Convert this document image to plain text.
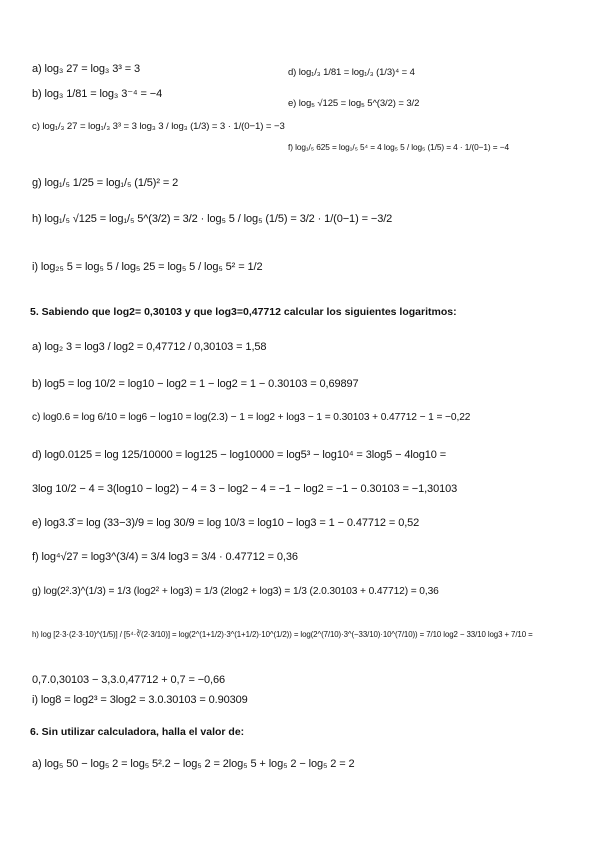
a) log₃ 27 = log₃ 3³ = 3	d) log₁/₃ 1/81 = log₁/₃ (1/3)⁴ = 4
b) log₃ 1/81 = log₃ 3⁻⁴ = −4
e) log₅ √125 = log₅ 5^(3/2) = 3/2
c) log₁/₃ 27 = log₁/₃ 3³ = 3 log₃ 3 / log₃ (1/3) = 3 · 1/(0−1) = −3
f) log₁/₅ 625 = log₁/₅ 5⁴ = 4 log₅ 5 / log₅ (1/5) = 4 · 1/(0−1) = −4
g) log₁/₅ 1/25 = log₁/₅ (1/5)² = 2
h) log₁/₅ √125 = log₁/₅ 5^(3/2) = 3/2 · log₅ 5 / log₅ (1/5) = 3/2 · 1/(0−1) = −3/2
i) log₂₅ 5 = log₅ 5 / log₅ 25 = log₅ 5 / log₅ 5² = 1/2
5. Sabiendo que log2= 0,30103 y que log3=0,47712 calcular los siguientes logaritmos:
a) log₂ 3 = log3 / log2 = 0,47712 / 0,30103 = 1,58
b) log5 = log 10/2 = log10 − log2 = 1 − log2 = 1 − 0.30103 = 0,69897
c) log0.6 = log 6/10 = log6 − log10 = log(2.3) − 1 = log2 + log3 − 1 = 0.30103 + 0.47712 − 1 = −0,22
d) log0.0125 = log 125/10000 = log125 − log10000 = log5³ − log10⁴ = 3log5 − 4log10 =
3log 10/2 − 4 = 3(log10 − log2) − 4 = 3 − log2 − 4 = −1 − log2 = −1 − 0.30103 = −1,30103
e) log3.3̂ = log (33−3)/9 = log 30/9 = log 10/3 = log10 − log3 = 1 − 0.47712 = 0,52
f) log⁴√27 = log3^(3/4) = 3/4 log3 = 3/4 · 0.47712 = 0,36
g) log(2².3)^(1/3) = 1/3 (log2² + log3) = 1/3 (2log2 + log3) = 1/3 (2.0.30103 + 0.47712) = 0,36
h) log [2·3·(2·3·10)^(1/5)] / [5⁴·∛(2·3/10)] = log(2^(1+1/2)·3^(1+1/2)·10^(1/2)) = log(2^(7/10)·3^(−33/10)·10^(7/10)) = 7/10 log2 − 33/10 log3 + 7/10 =
0,7.0,30103 − 3,3.0,47712 + 0,7 = −0,66
i) log8 = log2³ = 3log2 = 3.0.30103 = 0.90309
6. Sin utilizar calculadora, halla el valor de:
a) log₅ 50 − log₅ 2 = log₅ 5².2 − log₅ 2 = 2log₅ 5 + log₅ 2 − log₅ 2 = 2
